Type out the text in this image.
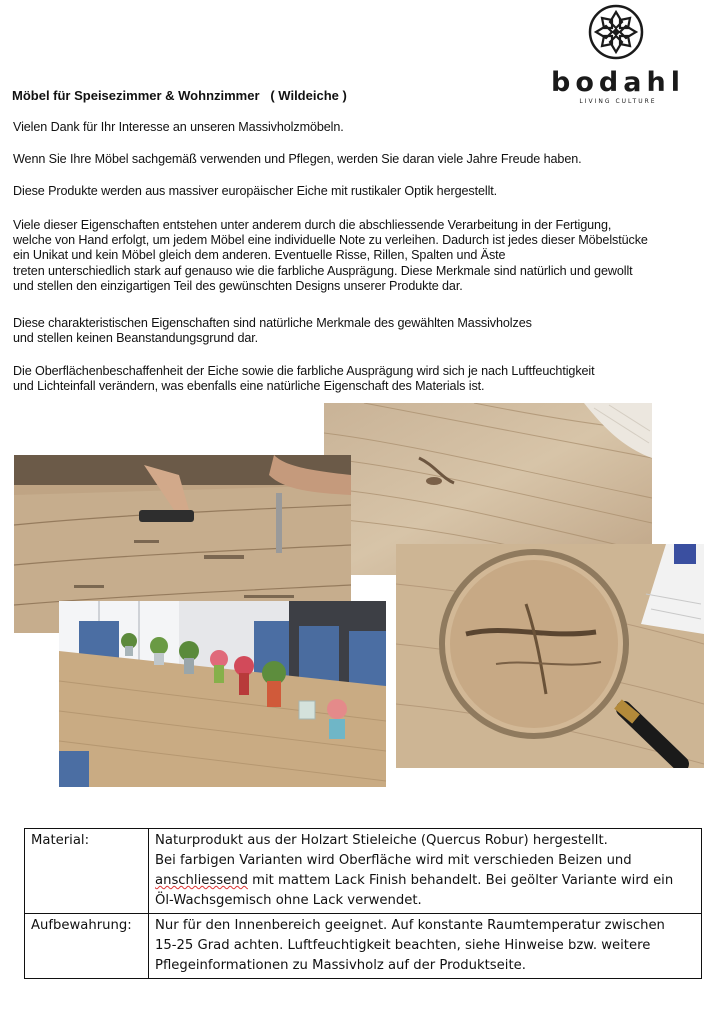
bodahl
LIVING CULTURE
Möbel für Speisezimmer & Wohnzimmer   ( Wildeiche )
Vielen Dank für Ihr Interesse an unseren Massivholzmöbeln.
Wenn Sie Ihre Möbel sachgemäß verwenden und Pflegen, werden Sie daran viele Jahre Freude haben.
Diese Produkte werden aus massiver europäischer Eiche mit rustikaler Optik hergestellt.
Viele dieser Eigenschaften entstehen unter anderem durch die abschliessende Verarbeitung in der Fertigung,
welche von Hand erfolgt, um jedem Möbel eine individuelle Note zu verleihen. Dadurch ist jedes dieser Möbelstücke
ein Unikat und kein Möbel gleich dem anderen. Eventuelle Risse, Rillen, Spalten und Äste
treten unterschiedlich stark auf genauso wie die farbliche Ausprägung. Diese Merkmale sind natürlich und gewollt
und stellen den einzigartigen Teil des gewünschten Designs unserer Produkte dar.
Diese charakteristischen Eigenschaften sind natürliche Merkmale des gewählten Massivholzes
und stellen keinen Beanstandungsgrund dar.
Die Oberflächenbeschaffenheit der Eiche sowie die farbliche Ausprägung wird sich je nach Luftfeuchtigkeit
und Lichteinfall verändern, was ebenfalls eine natürliche Eigenschaft des Materials ist.
Material:	Naturprodukt aus der Holzart Stieleiche (Quercus Robur) hergestellt.
Bei farbigen Varianten wird Oberfläche wird mit verschieden Beizen und
anschliessend mit mattem Lack Finish behandelt. Bei geölter Variante wird ein
Öl-Wachsgemisch ohne Lack verwendet.

Aufbewahrung:	Nur für den Innenbereich geeignet. Auf konstante Raumtemperatur zwischen
15-25 Grad achten. Luftfeuchtigkeit beachten, siehe Hinweise bzw. weitere
Pflegeinformationen zu Massivholz auf der Produktseite.
